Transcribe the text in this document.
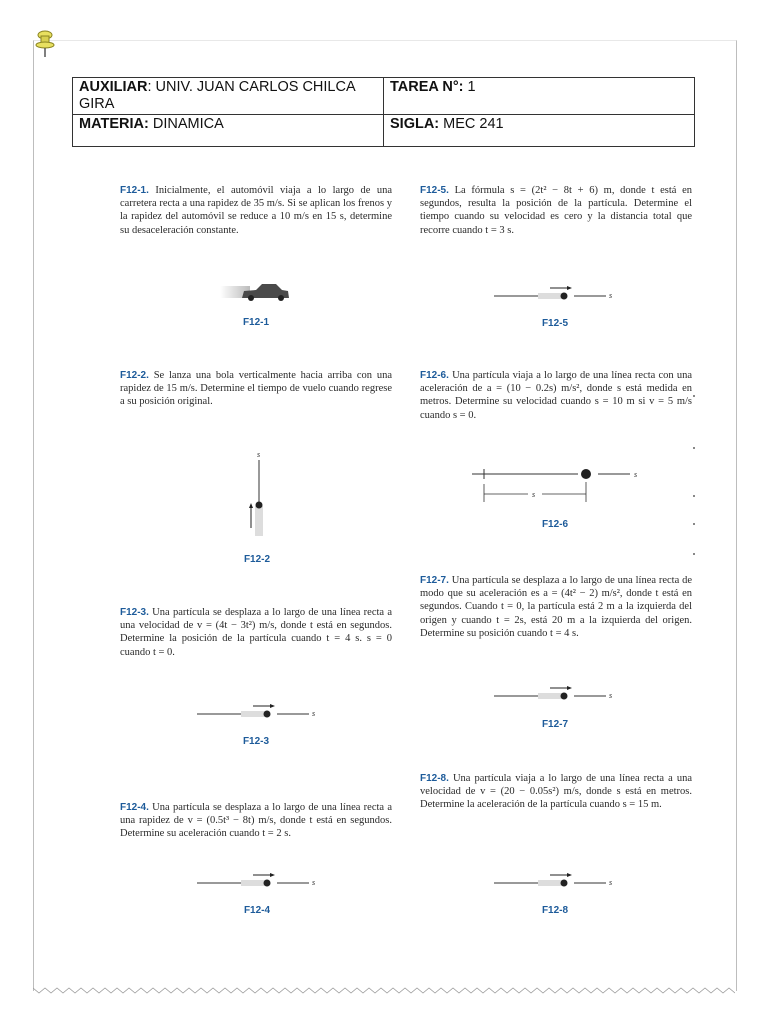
AUXILIAR: UNIV. JUAN CARLOS CHILCA GIRA	TAREA N°: 1
MATERIA: DINAMICA	SIGLA: MEC 241
F12-1. Inicialmente, el automóvil viaja a lo largo de una carretera recta a una rapidez de 35 m/s. Si se aplican los frenos y la rapidez del automóvil se reduce a 10 m/s en 15 s, determine su desaceleración constante.
F12-1
F12-2. Se lanza una bola verticalmente hacia arriba con una rapidez de 15 m/s. Determine el tiempo de vuelo cuando regrese a su posición original.
s
F12-2
F12-3. Una partícula se desplaza a lo largo de una línea recta a una velocidad de v = (4t − 3t²) m/s, donde t está en segundos. Determine la posición de la partícula cuando t = 4 s. s = 0 cuando t = 0.
s
F12-3
F12-4. Una partícula se desplaza a lo largo de una línea recta a una rapidez de v = (0.5t³ − 8t) m/s, donde t está en segundos. Determine su aceleración cuando t = 2 s.
s
F12-4
F12-5. La fórmula s = (2t² − 8t + 6) m, donde t está en segundos, resulta la posición de la partícula. Determine el tiempo cuando su velocidad es cero y la distancia total que recorre cuando t = 3 s.
s
F12-5
F12-6. Una partícula viaja a lo largo de una línea recta con una aceleración de a = (10 − 0.2s) m/s², donde s está medida en metros. Determine su velocidad cuando s = 10 m si v = 5 m/s cuando s = 0.
s
s
F12-6
F12-7. Una partícula se desplaza a lo largo de una línea recta de modo que su aceleración es a = (4t² − 2) m/s², donde t está en segundos. Cuando t = 0, la partícula está 2 m a la izquierda del origen y cuando t = 2s, está 20 m a la izquierda del origen. Determine su posición cuando t = 4 s.
s
F12-7
F12-8. Una partícula viaja a lo largo de una línea recta a una velocidad de v = (20 − 0.05s²) m/s, donde s está en metros. Determine la aceleración de la partícula cuando s = 15 m.
s
F12-8
